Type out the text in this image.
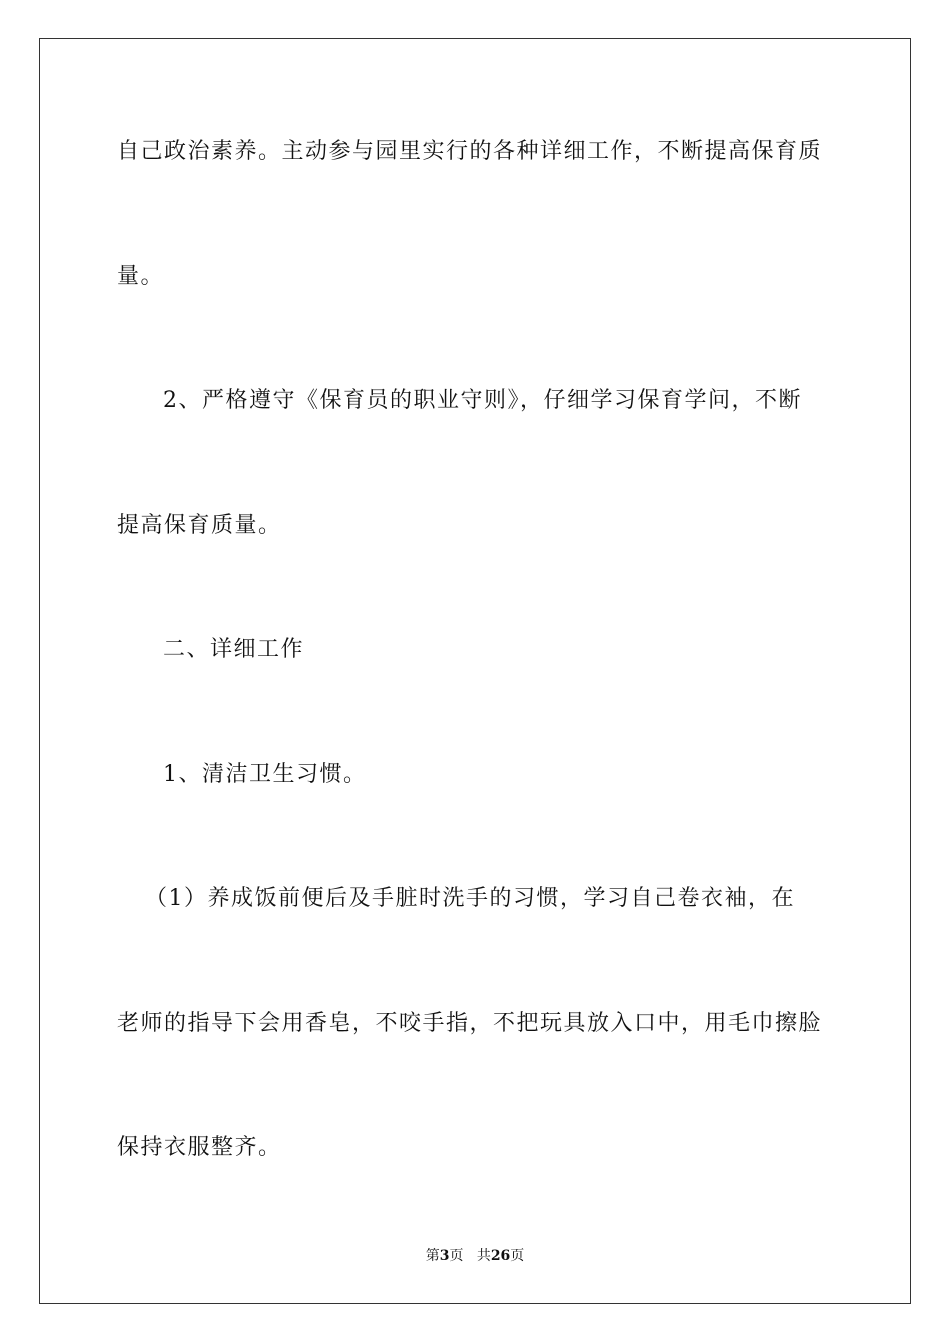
自己政治素养。主动参与园里实行的各种详细工作，不断提高保育质
量。
2、严格遵守《保育员的职业守则》，仔细学习保育学问，不断
提高保育质量。
二、详细工作
1、清洁卫生习惯。
（1）养成饭前便后及手脏时洗手的习惯，学习自己卷衣袖，在
老师的指导下会用香皂，不咬手指，不把玩具放入口中，用毛巾擦脸
保持衣服整齐。
第3页 共26页
